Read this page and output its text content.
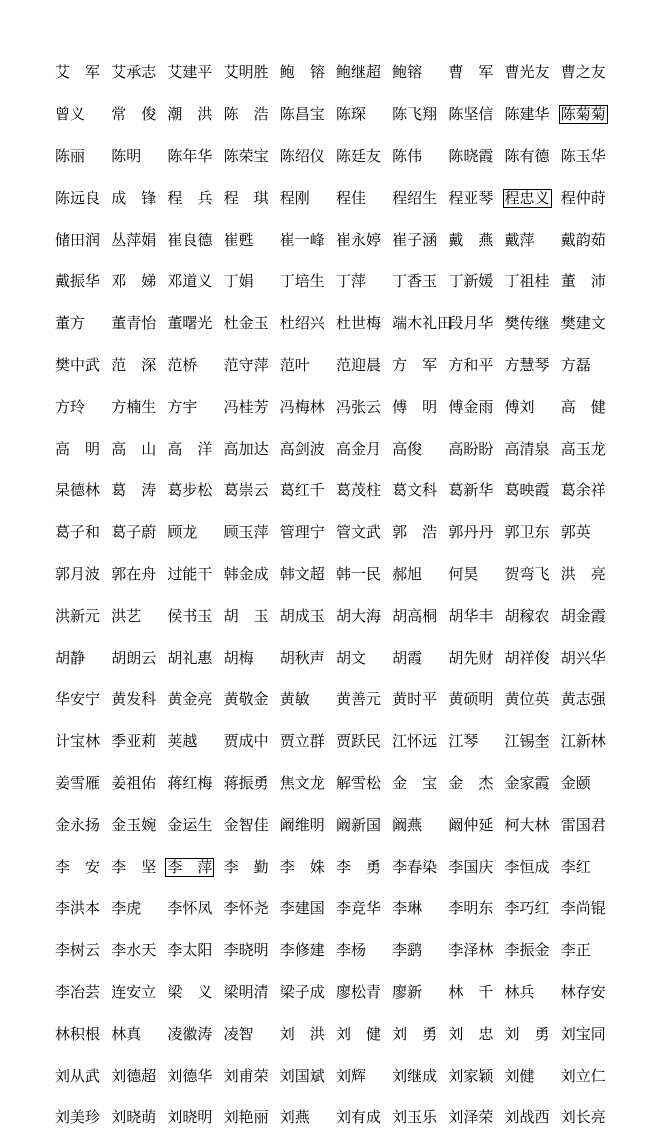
艾　军 艾承志 艾建平 艾明胜 鲍　镕 鲍继超 鲍镕 曹　军 曹光友 曹之友
曾义 常　俊 潮　洪 陈　浩 陈昌宝 陈琛 陈飞翔 陈坚信 陈建华 陈菊菊
陈丽 陈明 陈年华 陈荣宝 陈绍仪 陈廷友 陈伟 陈晓霞 陈有德 陈玉华
陈远良 成　锋 程　兵 程　琪 程刚 程佳 程绍生 程亚琴 程忠义 程仲莳
储田润 丛萍娟 崔良德 崔甦 崔一峰 崔永婷 崔子涵 戴　燕 戴萍 戴韵茹
戴振华 邓　娣 邓道义 丁娟 丁培生 丁萍 丁香玉 丁新媛 丁祖桂 董　沛
董方 董青怡 董曙光 杜金玉 杜绍兴 杜世梅 端木礼田
段月华 樊传继 樊建文
樊中武 范　深 范桥 范守萍 范叶 范迎晨 方　军 方和平 方慧琴 方磊
方玲 方楠生 方宇 冯桂芳 冯梅林 冯张云 傅　明 傅金雨 傅刘 高　健
高　明 高　山 高　洋 高加达 高剑波 高金月 高俊 高盼盼 高清泉 高玉龙
杲德林 葛　涛 葛步松 葛崇云 葛红千 葛茂柱 葛文科 葛新华 葛映霞 葛余祥
葛子和 葛子蔚 顾龙 顾玉萍 管理宁 管文武 郭　浩 郭丹丹 郭卫东 郭英
郭月波 郭在舟 过能干 韩金成 韩文超 韩一民 郝旭 何昊 贺弯飞 洪　亮
洪新元 洪艺 侯书玉 胡　玉 胡成玉 胡大海 胡高桐 胡华丰 胡稼农 胡金霞
胡静 胡朗云 胡礼惠 胡梅 胡秋声 胡文 胡霞 胡先财 胡祥俊 胡兴华
华安宁 黄发科 黄金亮 黄敬金 黄敏 黄善元 黄时平 黄硕明 黄位英 黄志强
计宝林 季亚莉 荚越 贾成中 贾立群 贾跃民 江怀远 江琴 江锡奎 江新林
姜雪雁 姜祖佑 蒋红梅 蒋振勇 焦文龙 解雪松 金　宝 金　杰 金家霞 金颐
金永扬 金玉婉 金运生 金智佳 阚维明 阚新国 阚燕 阚仲延 柯大林 雷国君
李　安 李　坚 李　萍 李　勤 李　姝 李　勇 李春染 李国庆 李恒成 李红
李洪本 李虎 李怀凤 李怀尧 李建国 李竞华 李琳 李明东 李巧红 李尚锟
李树云 李水天 李太阳 李晓明 李修建 李杨 李鹞 李泽林 李振金 李正
李冶芸 连安立 梁　义 梁明清 梁子成 廖松青 廖新 林　千 林兵 林存安
林积根 林真 凌徽涛 凌智 刘　洪 刘　健 刘　勇 刘　忠 刘　勇 刘宝同
刘从武 刘德超 刘德华 刘甫荣 刘国斌 刘辉 刘继成 刘家颖 刘健 刘立仁
刘美珍 刘晓萌 刘晓明 刘艳丽 刘燕 刘有成 刘玉乐 刘泽荣 刘战西 刘长亮
